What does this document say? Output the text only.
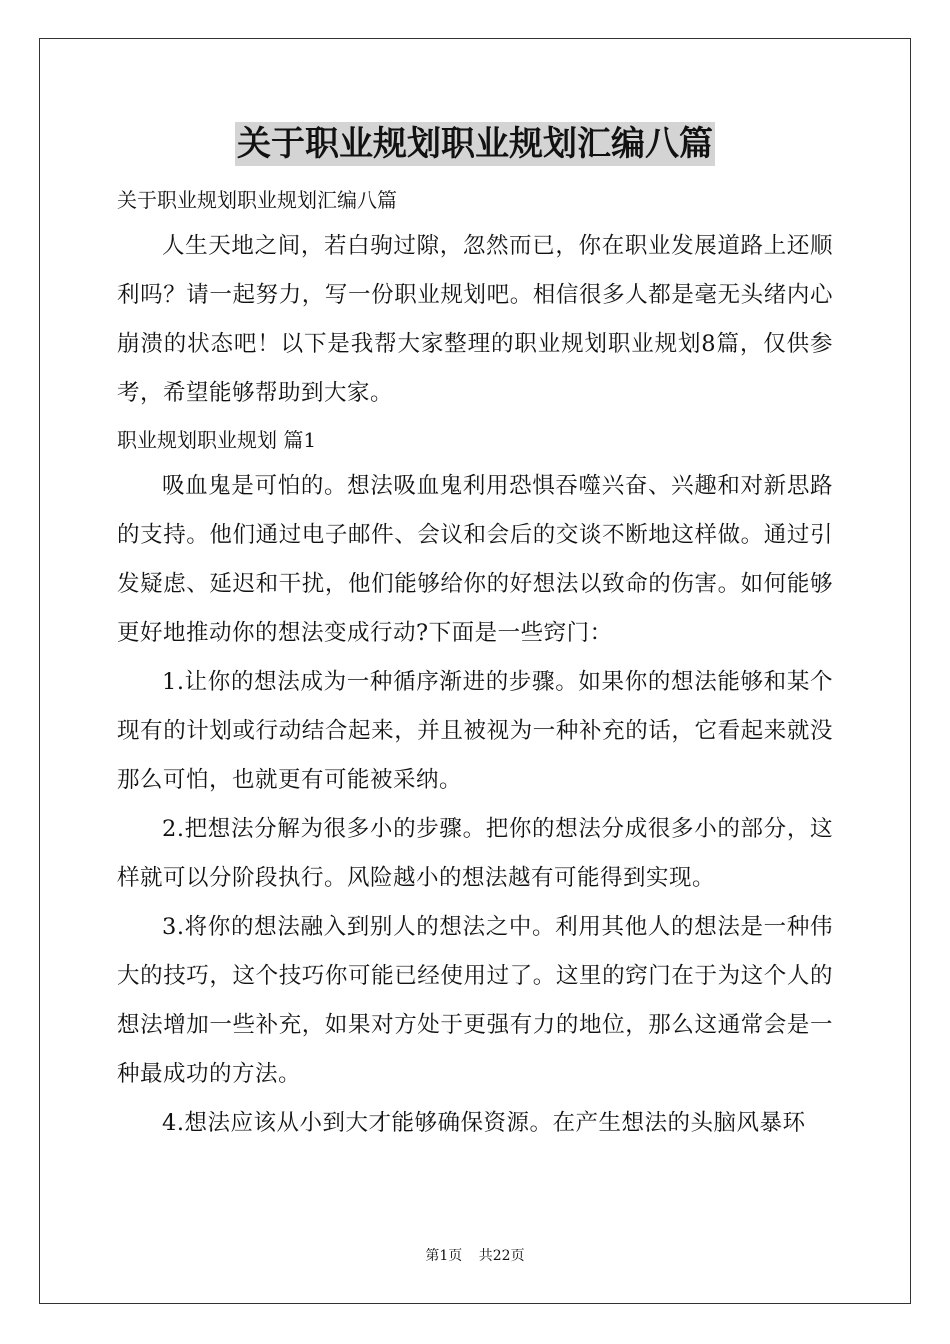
关于职业规划职业规划汇编八篇

关于职业规划职业规划汇编八篇

人生天地之间，若白驹过隙，忽然而已，你在职业发展道路上还顺利吗？请一起努力，写一份职业规划吧。相信很多人都是毫无头绪内心崩溃的状态吧！以下是我帮大家整理的职业规划职业规划8篇，仅供参考，希望能够帮助到大家。

职业规划职业规划 篇1

吸血鬼是可怕的。想法吸血鬼利用恐惧吞噬兴奋、兴趣和对新思路的支持。他们通过电子邮件、会议和会后的交谈不断地这样做。通过引发疑虑、延迟和干扰，他们能够给你的好想法以致命的伤害。如何能够更好地推动你的想法变成行动?下面是一些窍门：

1.让你的想法成为一种循序渐进的步骤。如果你的想法能够和某个现有的计划或行动结合起来，并且被视为一种补充的话，它看起来就没那么可怕，也就更有可能被采纳。

2.把想法分解为很多小的步骤。把你的想法分成很多小的部分，这样就可以分阶段执行。风险越小的想法越有可能得到实现。

3.将你的想法融入到别人的想法之中。利用其他人的想法是一种伟大的技巧，这个技巧你可能已经使用过了。这里的窍门在于为这个人的想法增加一些补充，如果对方处于更强有力的地位，那么这通常会是一种最成功的方法。

4.想法应该从小到大才能够确保资源。在产生想法的头脑风暴环

第1页 共22页
